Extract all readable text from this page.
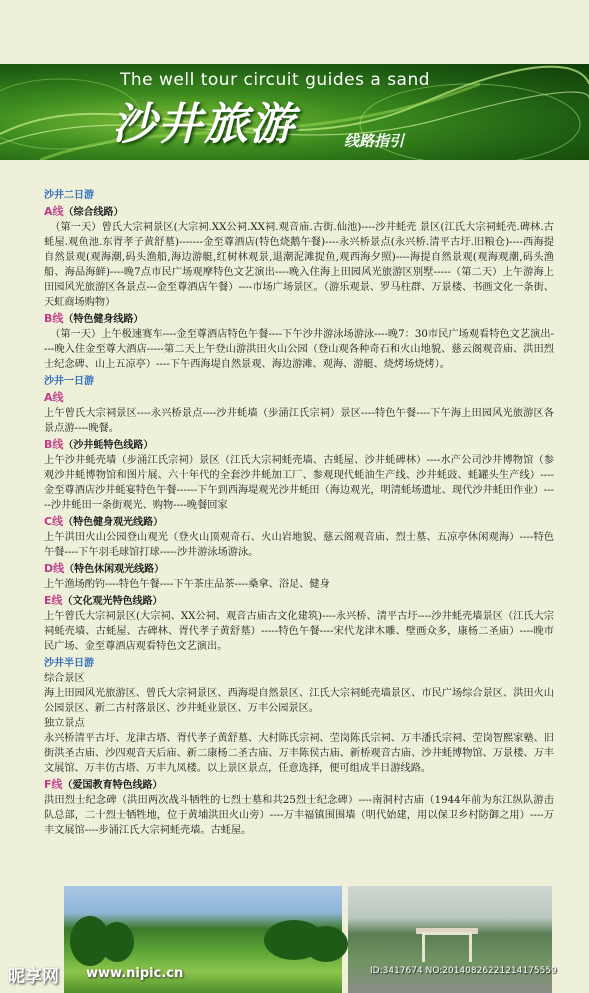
The well tour circuit guides a sand
沙井旅游	线路指引
沙井二日游
A线（综合线路）
（第一天）曾氏大宗祠景区(大宗祠.XX公祠.XX祠.观音庙.古街.仙池)----沙井蚝壳 景区(江氏大宗祠蚝壳.碑林.古蚝屋.观鱼池.东胥孝子黄舒墓)-------金至尊酒店(特色烧鹅午餐)----永兴桥景点(永兴桥.清平古圩.旧粮仓)----西海提自然景观(观海潮,码头渔船,海边游艇,红树林观景,退潮泥滩捉鱼,观西海夕照)----海提自然景观(观海观潮,码头渔船、海品海鲜)----晚7点市民广场观摩特色文艺演出----晚入住海上田园风光旅游区别墅-----（第二天）上午游海上田园风光旅游区各景点---金至尊酒店午餐）----市场广场景区。（游乐观景、罗马柱群、万景楼、书画文化一条街、天虹商场购物）
B线（特色健身线路）
（第一天）上午极速赛车----金至尊酒店特色午餐----下午沙井游泳场游泳----晚7：30市民广场观看特色文艺演出----晚入住金至尊大酒店-----第二天上午登山游洪田火山公园（登山观各种奇石和火山地貌、慈云阁观音庙、洪田烈士纪念碑、山上五凉亭）----下午西海堤自然景观、海边游滩、观海、游艇、烧烤场烧烤）。
沙井一日游
A线
上午曾氏大宗祠景区----永兴桥景点----沙井蚝墙（步涌江氏宗祠）景区----特色午餐----下午海上田园风光旅游区各景点游----晚餐。
B线（沙井蚝特色线路）
上午沙井蚝壳墙（步涌江氏宗祠）景区（江氏大宗祠蚝壳墙、古蚝屋、沙井蚝碑林）----水产公司沙井博物馆（参观沙井蚝博物馆和图片展、六十年代的全套沙井蚝加工厂、参观现代蚝油生产线、沙井蚝豉、蚝罐头生产线）----金至尊酒店沙井蚝宴特色午餐------下午到西海堤观光沙井蚝田（海边观光，明清蚝场遗址、现代沙井蚝田作业）-----沙井蚝田一条街观光、购物----晚餐回家
C线（特色健身观光线路）
上午洪田火山公园登山观光（登火山顶观奇石、火山岩地貌、慈云阁观音庙、烈士墓、五凉亭休闲观海）----特色午餐----下午羽毛球馆打球-----沙井游泳场游泳。
D线（特色休闲观光线路）
上午渔场酌钓----特色午餐----下午茶庄品茶----桑拿、浴足、健身
E线（文化观光特色线路）
上午曾氏大宗祠景区(大宗祠、XX公祠、观音古庙古文化建筑)----永兴桥、清平古圩----沙井蚝壳墙景区（江氏大宗祠蚝壳墙、古蚝屋、古碑林、胥代孝子黄舒墓）-----特色午餐----宋代龙津木雕、壁画众多，康杨二圣庙）----晚市民广场、金至尊酒店观看特色文艺演出。
沙井半日游
综合景区
海上田园风光旅游区、曾氏大宗祠景区、西海堤自然景区、江氏大宗祠蚝壳墙景区、市民广场综合景区、洪田火山公园景区、新二古村落景区、沙井蚝业景区、万丰公园景区。
独立景点
永兴桥清平古圩、龙津古塔、胥代孝子黄舒墓、大村陈氏宗祠、茔岗陈氏宗祠、万丰潘氏宗祠、茔岗智熙家塾、旧街洪圣古庙、沙四观音天后庙、新二康杨二圣古庙、万丰陈侯古庙、新桥观音古庙、沙井蚝博物馆、万景楼、万丰文展馆、万丰仿古塔、万丰九凤楼。以上景区景点，任意选择，便可组成半日游线路。
F线（爱国教育特色线路）
洪田烈士纪念碑（洪田两次战斗牺牲的七烈士墓和共25烈士纪念碑）----南洞村古庙（1944年前为东江纵队游击队总部，二十烈士牺牲地，位于黄埔洪田火山旁）----万丰福镇围围墙（明代始建，用以保卫乡村防御之用）----万丰文展馆----步涌江氏大宗祠蚝壳墙。古蚝屋。
昵享网 www.nipic.cn	ID:3417674 NO:20140826221214175559
